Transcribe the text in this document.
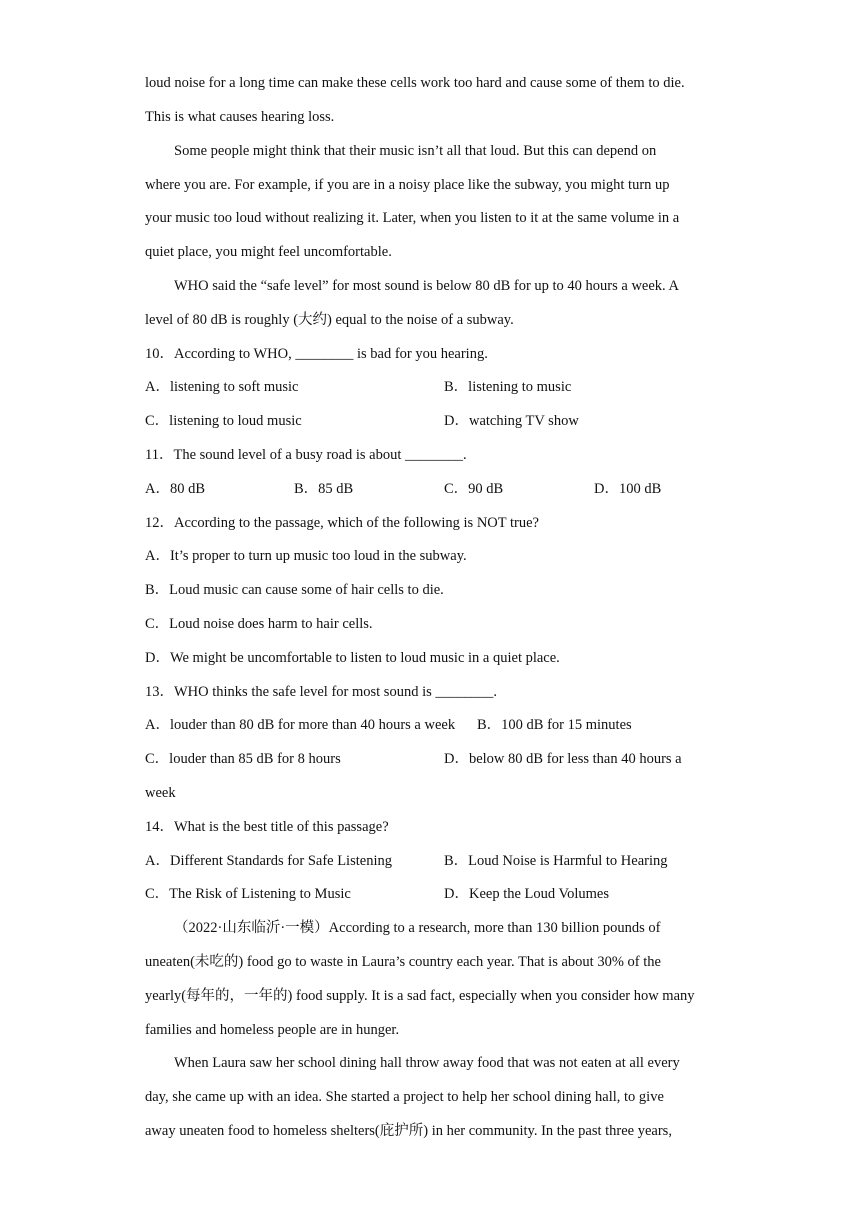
loud noise for a long time can make these cells work too hard and cause some of them to die.
This is what causes hearing loss.
Some people might think that their music isn’t all that loud. But this can depend on
where you are. For example, if you are in a noisy place like the subway, you might turn up
your music too loud without realizing it. Later, when you listen to it at the same volume in a
quiet place, you might feel uncomfortable.
WHO said the “safe level” for most sound is below 80 dB for up to 40 hours a week. A
level of 80 dB is roughly (大约) equal to the noise of a subway.
10．According to WHO, ________ is bad for you hearing.
A．listening to soft music	B．listening to music
C．listening to loud music	D．watching TV show
11．The sound level of a busy road is about ________.
A．80 dB	B．85 dB	C．90 dB	D．100 dB
12．According to the passage, which of the following is NOT true?
A．It’s proper to turn up music too loud in the subway.
B．Loud music can cause some of hair cells to die.
C．Loud noise does harm to hair cells.
D．We might be uncomfortable to listen to loud music in a quiet place.
13．WHO thinks the safe level for most sound is ________.
A．louder than 80 dB for more than 40 hours a week B．100 dB for 15 minutes
C．louder than 85 dB for 8 hours	D．below 80 dB for less than 40 hours a
week
14．What is the best title of this passage?
A．Different Standards for Safe Listening	B．Loud Noise is Harmful to Hearing
C．The Risk of Listening to Music	D．Keep the Loud Volumes
（2022·山东临沂·一模）According to a research, more than 130 billion pounds of
uneaten(未吃的) food go to waste in Laura’s country each year. That is about 30% of the
yearly(每年的，一年的) food supply. It is a sad fact, especially when you consider how many
families and homeless people are in hunger.
When Laura saw her school dining hall throw away food that was not eaten at all every
day, she came up with an idea. She started a project to help her school dining hall, to give
away uneaten food to homeless shelters(庇护所) in her community. In the past three years,
